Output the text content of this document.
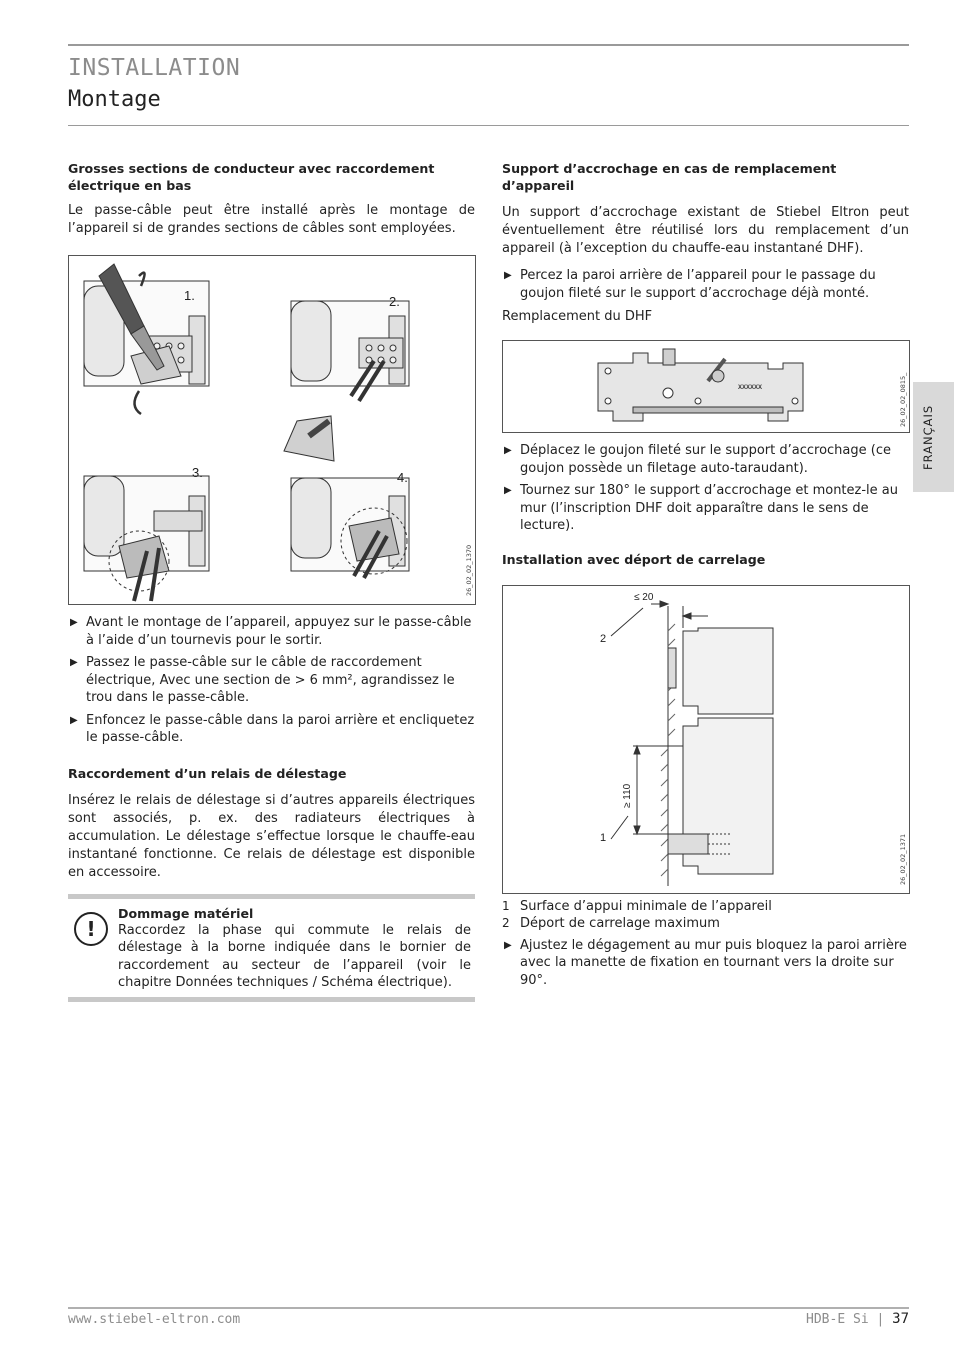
INSTALLATION
Montage
FRANÇAIS
Grosses sections de conducteur avec raccordement électrique en bas

Le passe-câble peut être installé après le montage de l’appareil si de grandes sections de câbles sont employées.

1.	2.
3.	4.
26_02_02_1370
▶ Avant le montage de l’appareil, appuyez sur le passe-câble à l’aide d’un tournevis pour le sortir.
▶ Passez le passe-câble sur le câble de raccordement électrique, Avec une section de > 6 mm², agrandissez le trou dans le passe-câble.
▶ Enfoncez le passe-câble dans la paroi arrière et encliquetez le passe-câble.
Raccordement d’un relais de délestage

Insérez le relais de délestage si d’autres appareils électriques sont associés, p. ex. des radiateurs électriques à accumulation. Le délestage s’effectue lorsque le chauffe-eau instantané fonctionne. Ce relais de délestage est disponible en accessoire.

!
Dommage matériel
Raccordez la phase qui commute le relais de délestage à la borne indiquée dans le bornier de raccordement au secteur de l’appareil (voir le chapitre Données techniques / Schéma électrique).
Support d’accrochage en cas de remplacement d’appareil

Un support d’accrochage existant de Stiebel Eltron peut éventuellement être réutilisé lors du remplacement d’un appareil (à l’exception du chauffe-eau instantané DHF).

▶ Percez la paroi arrière de l’appareil pour le passage du goujon fileté sur le support d’accrochage déjà monté.

Remplacement du DHF

XXXXXX	26_02_02_0815_
▶ Déplacez le goujon fileté sur le support d’accrochage (ce goujon possède un filetage auto-taraudant).
▶ Tournez sur 180° le support d’accrochage et montez-le au mur (l’inscription DHF doit apparaître dans le sens de lecture).
Installation avec déport de carrelage
≤ 20
≥ 110
1
2
26_02_02_1371
1 Surface d’appui minimale de l’appareil
2 Déport de carrelage maximum
▶ Ajustez le dégagement au mur puis bloquez la paroi arrière avec la manette de fixation en tournant vers la droite sur 90°.
www.stiebel-eltron.com	HDB-E Si | 37
